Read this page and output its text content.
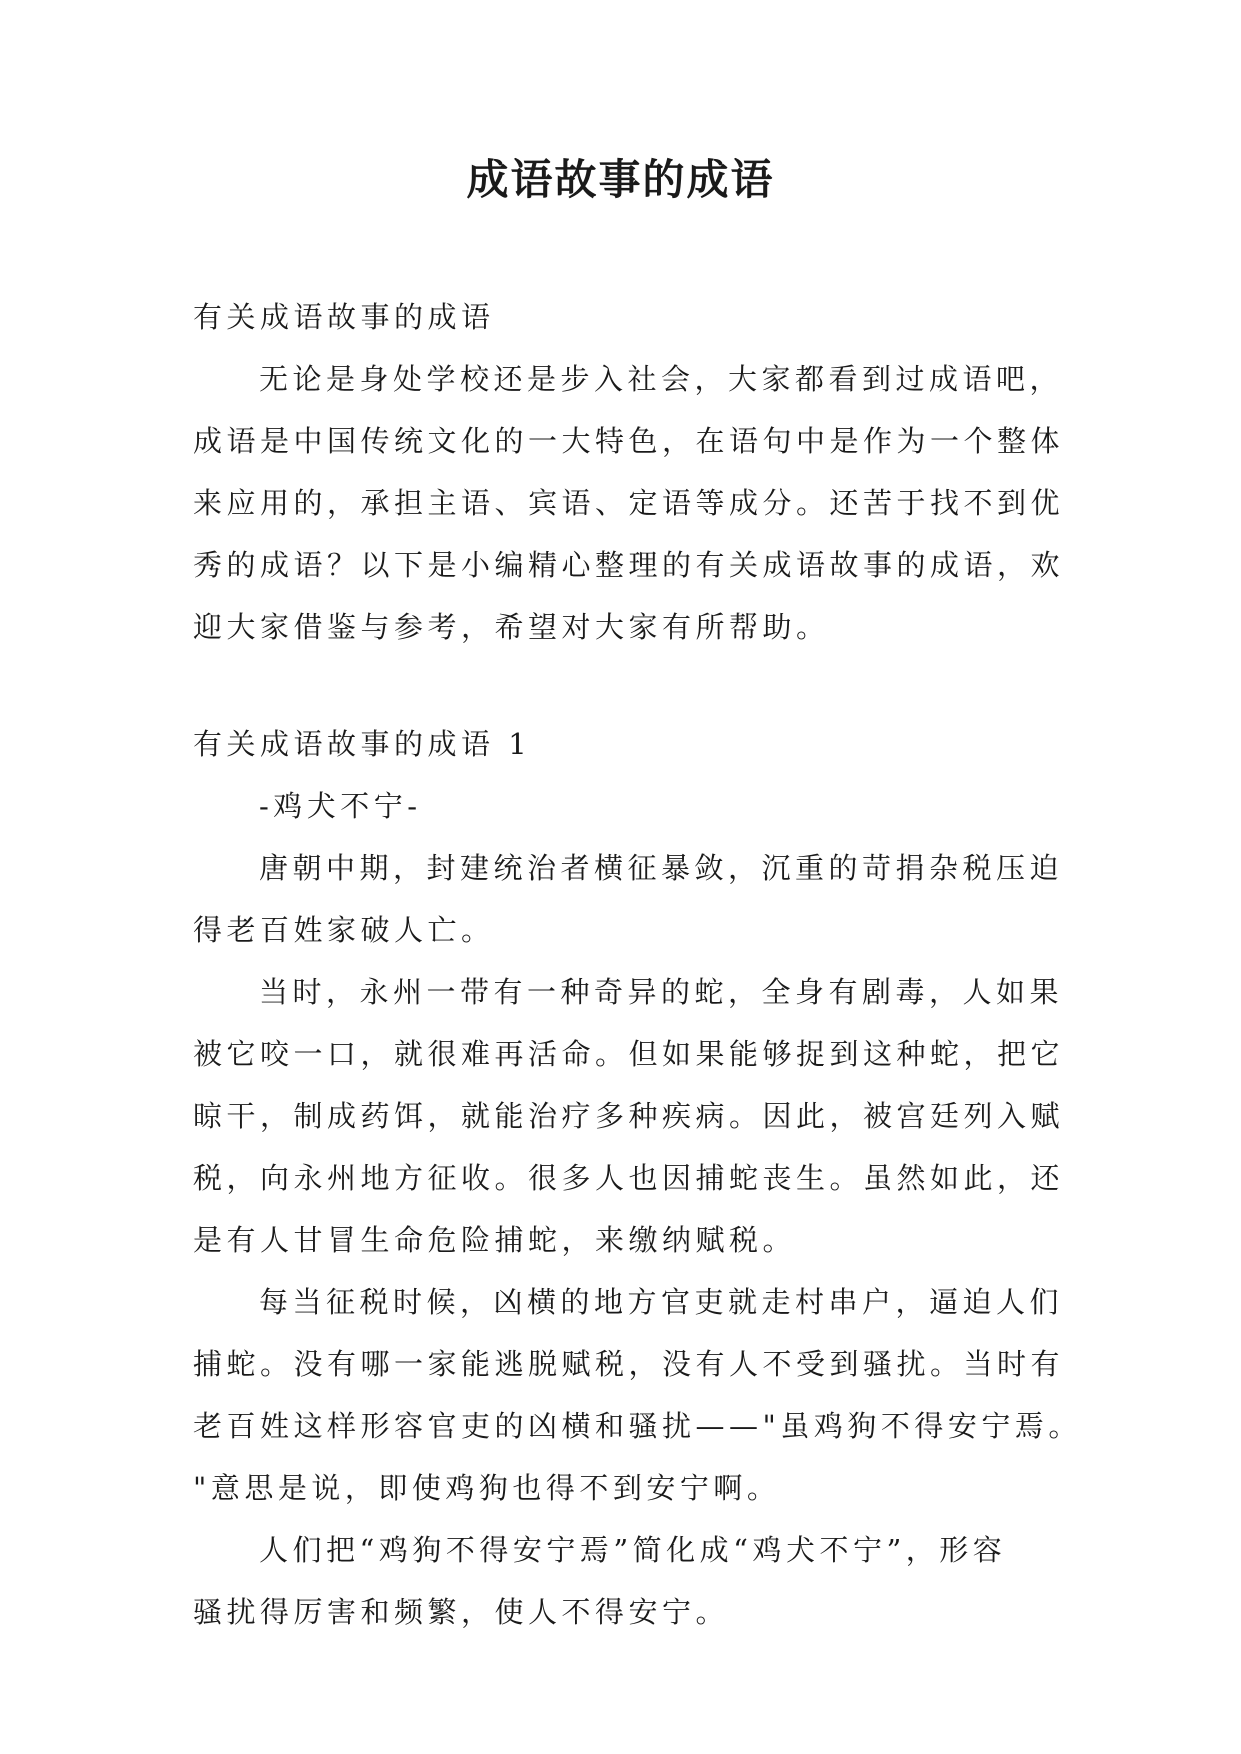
成语故事的成语

有关成语故事的成语

无论是身处学校还是步入社会，大家都看到过成语吧，

成语是中国传统文化的一大特色，在语句中是作为一个整体

来应用的，承担主语、宾语、定语等成分。还苦于找不到优

秀的成语？以下是小编精心整理的有关成语故事的成语，欢

迎大家借鉴与参考，希望对大家有所帮助。

有关成语故事的成语 1

-鸡犬不宁-

唐朝中期，封建统治者横征暴敛，沉重的苛捐杂税压迫

得老百姓家破人亡。

当时，永州一带有一种奇异的蛇，全身有剧毒，人如果

被它咬一口，就很难再活命。但如果能够捉到这种蛇，把它

晾干，制成药饵，就能治疗多种疾病。因此，被宫廷列入赋

税，向永州地方征收。很多人也因捕蛇丧生。虽然如此，还

是有人甘冒生命危险捕蛇，来缴纳赋税。

每当征税时候，凶横的地方官吏就走村串户，逼迫人们

捕蛇。没有哪一家能逃脱赋税，没有人不受到骚扰。当时有

老百姓这样形容官吏的凶横和骚扰——"虽鸡狗不得安宁焉。

"意思是说，即使鸡狗也得不到安宁啊。

人们把“鸡狗不得安宁焉”简化成“鸡犬不宁”，形容

骚扰得厉害和频繁，使人不得安宁。
